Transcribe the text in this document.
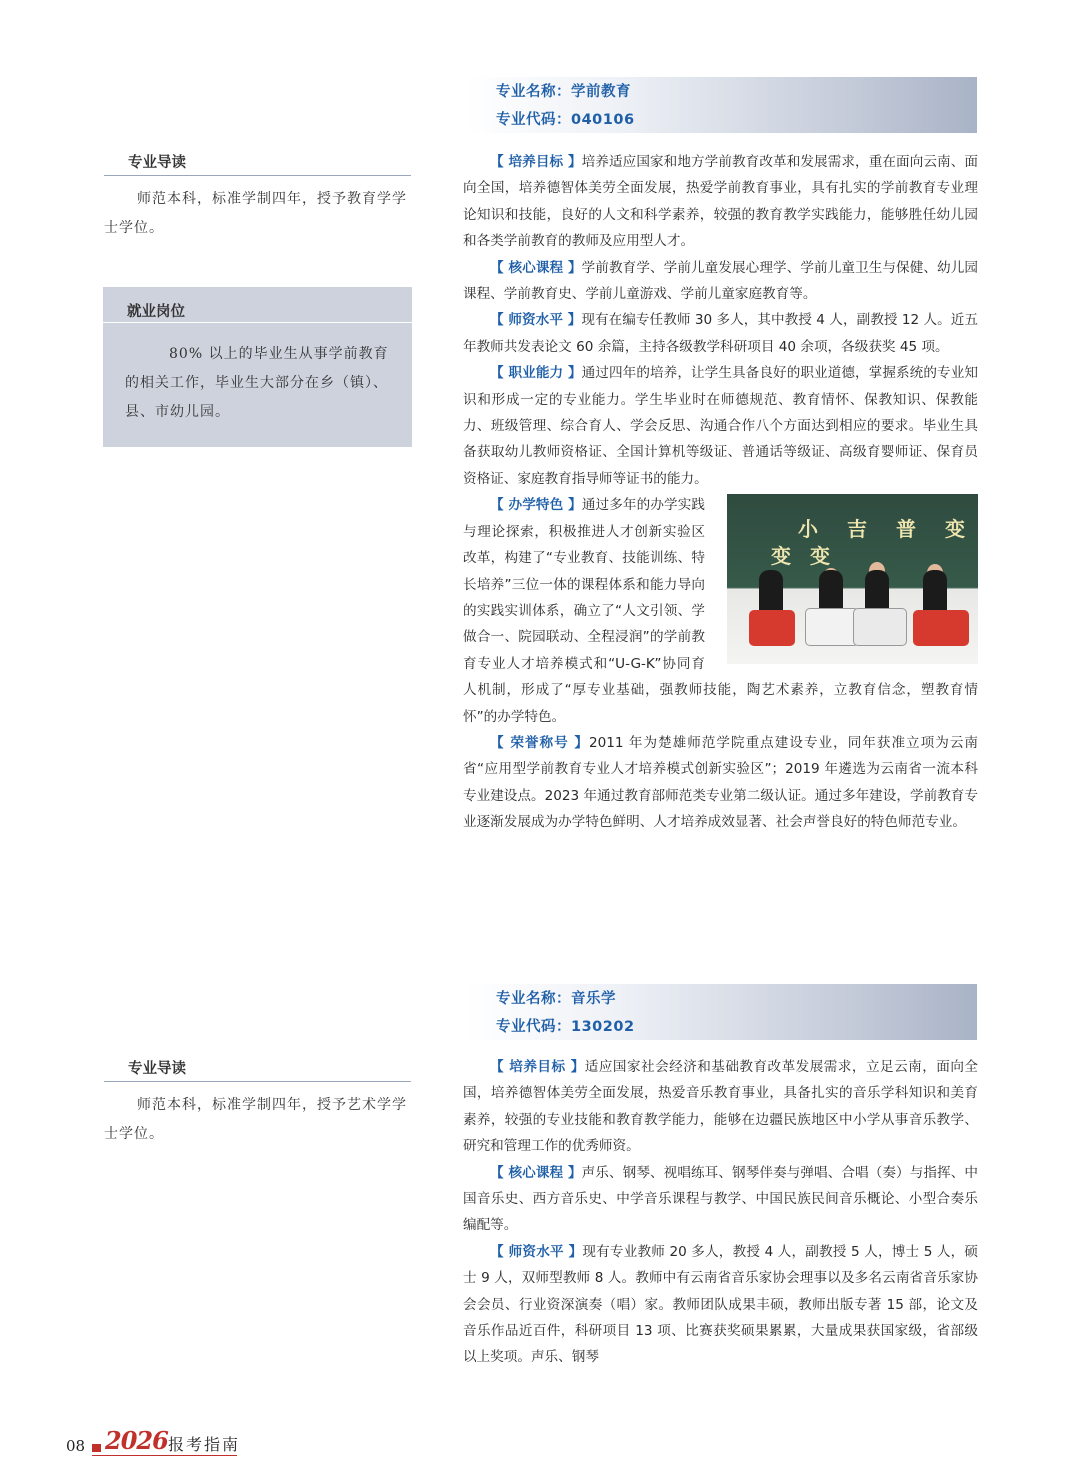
专业名称：学前教育
专业代码：040106
专业导读
师范本科，标准学制四年，授予教育学学士学位。
就业岗位
80% 以上的毕业生从事学前教育的相关工作，毕业生大部分在乡（镇）、县、市幼儿园。

【 培养目标 】培养适应国家和地方学前教育改革和发展需求，重在面向云南、面向全国，培养德智体美劳全面发展，热爱学前教育事业，具有扎实的学前教育专业理论知识和技能，良好的人文和科学素养，较强的教育教学实践能力，能够胜任幼儿园和各类学前教育的教师及应用型人才。

【 核心课程 】学前教育学、学前儿童发展心理学、学前儿童卫生与保健、幼儿园课程、学前教育史、学前儿童游戏、学前儿童家庭教育等。

【 师资水平 】现有在编专任教师 30 多人，其中教授 4 人，副教授 12 人。近五年教师共发表论文 60 余篇，主持各级教学科研项目 40 余项，各级获奖 45 项。

【 职业能力 】通过四年的培养，让学生具备良好的职业道德，掌握系统的专业知识和形成一定的专业能力。学生毕业时在师德规范、教育情怀、保教知识、保教能力、班级管理、综合育人、学会反思、沟通合作八个方面达到相应的要求。毕业生具备获取幼儿教师资格证、全国计算机等级证、普通话等级证、高级育婴师证、保育员资格证、家庭教育指导师等证书的能力。

小 吉 普 变 变 变
【 办学特色 】通过多年的办学实践与理论探索，积极推进人才创新实验区改革，构建了“专业教育、技能训练、特长培养”三位一体的课程体系和能力导向的实践实训体系，确立了“人文引领、学做合一、院园联动、全程浸润”的学前教育专业人才培养模式和“U-G-K”协同育人机制，形成了“厚专业基础，强教师技能，陶艺术素养，立教育信念，塑教育情怀”的办学特色。

【 荣誉称号 】2011 年为楚雄师范学院重点建设专业，同年获准立项为云南省“应用型学前教育专业人才培养模式创新实验区”；2019 年遴选为云南省一流本科专业建设点。2023 年通过教育部师范类专业第二级认证。通过多年建设，学前教育专业逐渐发展成为办学特色鲜明、人才培养成效显著、社会声誉良好的特色师范专业。

专业名称：音乐学
专业代码：130202
专业导读
师范本科，标准学制四年，授予艺术学学士学位。

【 培养目标 】适应国家社会经济和基础教育改革发展需求，立足云南，面向全国，培养德智体美劳全面发展，热爱音乐教育事业，具备扎实的音乐学科知识和美育素养，较强的专业技能和教育教学能力，能够在边疆民族地区中小学从事音乐教学、研究和管理工作的优秀师资。

【 核心课程 】声乐、钢琴、视唱练耳、钢琴伴奏与弹唱、合唱（奏）与指挥、中国音乐史、西方音乐史、中学音乐课程与教学、中国民族民间音乐概论、小型合奏乐编配等。

【 师资水平 】现有专业教师 20 多人，教授 4 人，副教授 5 人，博士 5 人，硕士 9 人，双师型教师 8 人。教师中有云南省音乐家协会理事以及多名云南省音乐家协会会员、行业资深演奏（唱）家。教师团队成果丰硕，教师出版专著 15 部，论文及音乐作品近百件，科研项目 13 项、比赛获奖硕果累累，大量成果获国家级，省部级以上奖项。声乐、钢琴

08 2026 报考指南
